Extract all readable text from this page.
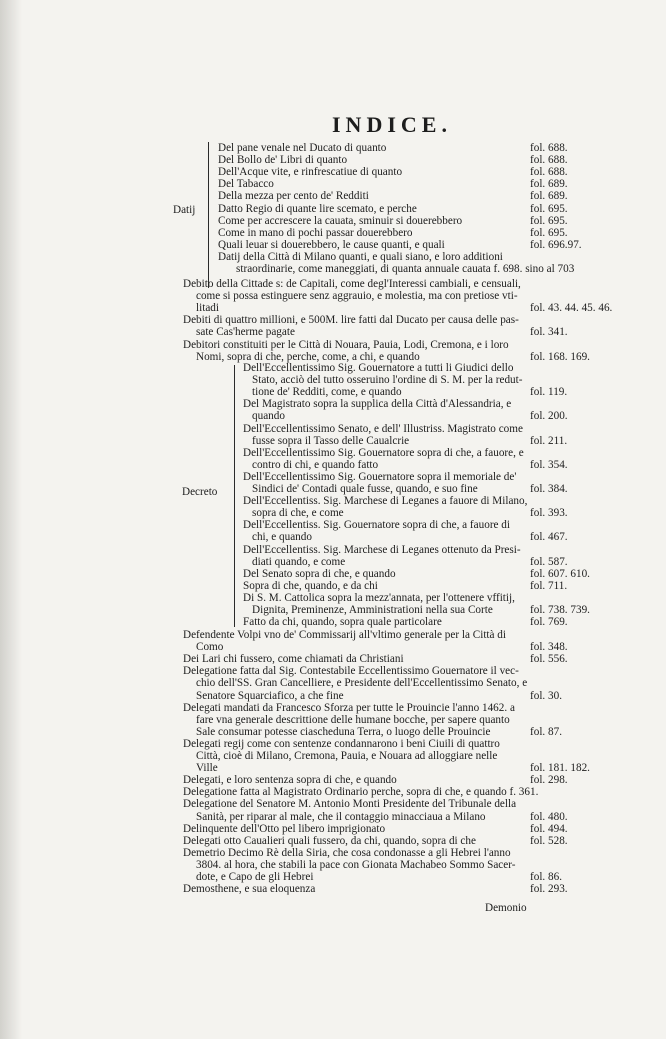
INDICE.
Datij
Del pane venale nel Ducato di quanto	fol. 688.
Del Bollo de' Libri di quanto	fol. 688.
Dell'Acque vite, e rinfrescatiue di quanto	fol. 688.
Del Tabacco	fol. 689.
Della mezza per cento de' Redditi	fol. 689.
Datto Regio di quante lire scemato, e perche	fol. 695.
Come per accrescere la cauata, sminuir si douerebbero	fol. 695.
Come in mano di pochi passar douerebbero	fol. 695.
Quali leuar si douerebbero, le cause quanti, e quali	fol. 696.97.
Datij della Città di Milano quanti, e quali siano, e loro additioni
straordinarie, come maneggiati, di quanta annuale cauata f. 698. sino al 703
Debito della Cittade s: de Capitali, come degl'Interessi cambiali, e censuali,
come si possa estinguere senz aggrauio, e molestia, ma con pretiose vti-
litadi	fol. 43. 44. 45. 46.
Debiti di quattro millioni, e 500M. lire fatti dal Ducato per causa delle pas-
sate Cas'herme pagate	fol. 341.
Debitori constituiti per le Città di Nouara, Pauia, Lodi, Cremona, e i loro
Nomi, sopra di che, perche, come, a chi, e quando	fol. 168. 169.
Decreto
Dell'Eccellentissimo Sig. Gouernatore a tutti li Giudici dello
Stato, acciò del tutto osseruino l'ordine di S. M. per la redut-
tione de' Redditi, come, e quando	fol. 119.
Del Magistrato sopra la supplica della Città d'Alessandria, e
quando	fol. 200.
Dell'Eccellentissimo Senato, e dell' Illustriss. Magistrato come
fusse sopra il Tasso delle Caualcrie	fol. 211.
Dell'Eccellentissimo Sig. Gouernatore sopra di che, a fauore, e
contro di chi, e quando fatto	fol. 354.
Dell'Eccellentissimo Sig. Gouernatore sopra il memoriale de'
Sindici de' Contadi quale fusse, quando, e suo fine	fol. 384.
Dell'Eccellentiss. Sig. Marchese di Leganes a fauore di Milano,
sopra di che, e come	fol. 393.
Dell'Eccellentiss. Sig. Gouernatore sopra di che, a fauore di
chi, e quando	fol. 467.
Dell'Eccellentiss. Sig. Marchese di Leganes ottenuto da Presi-
diati quando, e come	fol. 587.
Del Senato sopra di che, e quando	fol. 607. 610.
Sopra di che, quando, e da chi	fol. 711.
Di S. M. Cattolica sopra la mezz'annata, per l'ottenere vffitij,
Dignita, Preminenze, Amministrationi nella sua Corte	fol. 738. 739.
Fatto da chi, quando, sopra quale particolare	fol. 769.
Defendente Volpi vno de' Commissarij all'vltimo generale per la Città di
Como	fol. 348.
Dei Lari chi fussero, come chiamati da Christiani	fol. 556.
Delegatione fatta dal Sig. Contestabile Eccellentissimo Gouernatore il vec-
chio dell'SS. Gran Cancelliere, e Presidente dell'Eccellentissimo Senato, e
Senatore Squarciafico, a che fine	fol. 30.
Delegati mandati da Francesco Sforza per tutte le Prouincie l'anno 1462. a
fare vna generale descrittione delle humane bocche, per sapere quanto
Sale consumar potesse ciascheduna Terra, o luogo delle Prouincie	fol. 87.
Delegati regij come con sentenze condannarono i beni Ciuili di quattro
Città, cioè di Milano, Cremona, Pauia, e Nouara ad alloggiare nelle
Ville	fol. 181. 182.
Delegati, e loro sentenza sopra di che, e quando	fol. 298.
Delegatione fatta al Magistrato Ordinario perche, sopra di che, e quando f. 361.
Delegatione del Senatore M. Antonio Monti Presidente del Tribunale della
Sanità, per riparar al male, che il contaggio minacciaua a Milano	fol. 480.
Delinquente dell'Otto pel libero imprigionato	fol. 494.
Delegati otto Caualieri quali fussero, da chi, quando, sopra di che	fol. 528.
Demetrio Decimo Rè della Siria, che cosa condonasse a gli Hebrei l'anno
3804. al hora, che stabili la pace con Gionata Machabeo Sommo Sacer-
dote, e Capo de gli Hebrei	fol. 86.
Demosthene, e sua eloquenza	fol. 293.
Demonio
